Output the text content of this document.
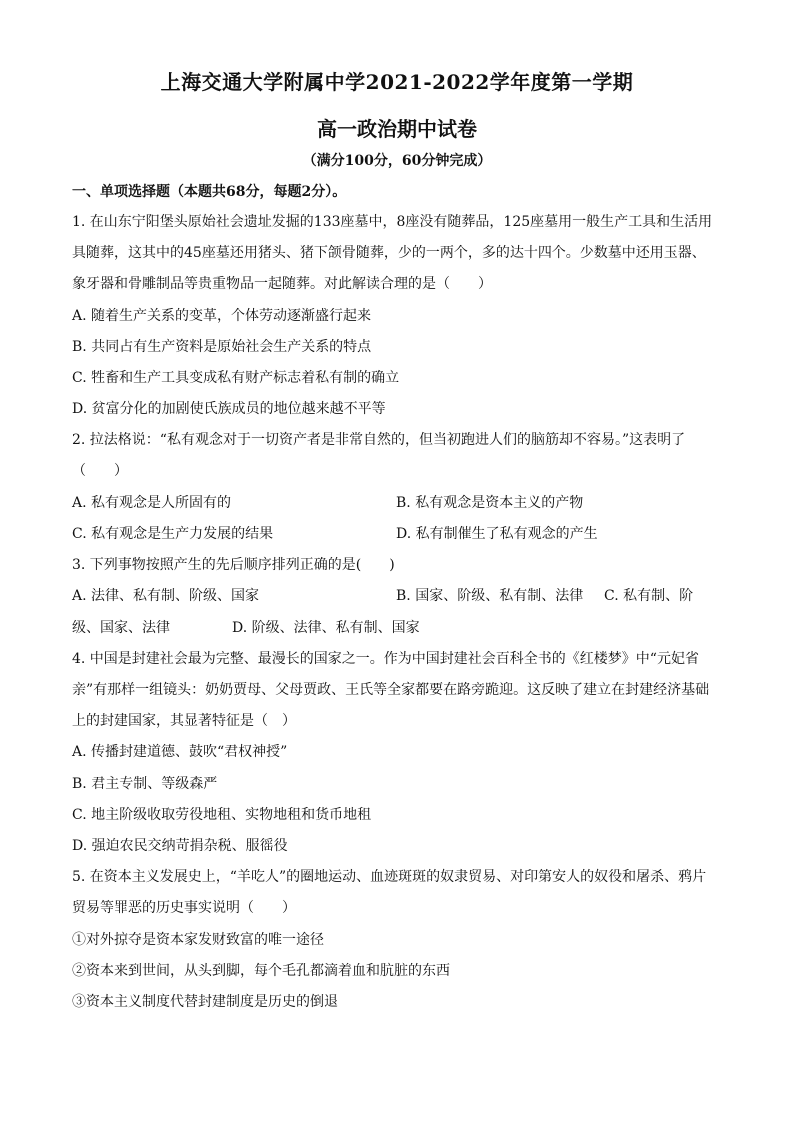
上海交通大学附属中学2021-2022学年度第一学期
高一政治期中试卷
（满分100分，60分钟完成）
一、单项选择题（本题共68分，每题2分）。
1. 在山东宁阳堡头原始社会遗址发掘的133座墓中，8座没有随葬品，125座墓用一般生产工具和生活用
具随葬，这其中的45座墓还用猪头、猪下颌骨随葬，少的一两个，多的达十四个。少数墓中还用玉器、
象牙器和骨雕制品等贵重物品一起随葬。对此解读合理的是（　　）
A. 随着生产关系的变革，个体劳动逐渐盛行起来
B. 共同占有生产资料是原始社会生产关系的特点
C. 牲畜和生产工具变成私有财产标志着私有制的确立
D. 贫富分化的加剧使氏族成员的地位越来越不平等
2. 拉法格说：“私有观念对于一切资产者是非常自然的，但当初跑进人们的脑筋却不容易。”这表明了
（　　）
A. 私有观念是人所固有的	B. 私有观念是资本主义的产物
C. 私有观念是生产力发展的结果	D. 私有制催生了私有观念的产生
3. 下列事物按照产生的先后顺序排列正确的是(　　)
A. 法律、私有制、阶级、国家	B. 国家、阶级、私有制、法律 C. 私有制、阶
级、国家、法律	D. 阶级、法律、私有制、国家
4. 中国是封建社会最为完整、最漫长的国家之一。作为中国封建社会百科全书的《红楼梦》中“元妃省
亲”有那样一组镜头：奶奶贾母、父母贾政、王氏等全家都要在路旁跪迎。这反映了建立在封建经济基础
上的封建国家，其显著特征是（　）
A. 传播封建道德、鼓吹“君权神授”
B. 君主专制、等级森严
C. 地主阶级收取劳役地租、实物地租和货币地租
D. 强迫农民交纳苛捐杂税、服徭役
5. 在资本主义发展史上，“羊吃人”的圈地运动、血迹斑斑的奴隶贸易、对印第安人的奴役和屠杀、鸦片
贸易等罪恶的历史事实说明（　　）
①对外掠夺是资本家发财致富的唯一途径
②资本来到世间，从头到脚，每个毛孔都滴着血和肮脏的东西
③资本主义制度代替封建制度是历史的倒退
